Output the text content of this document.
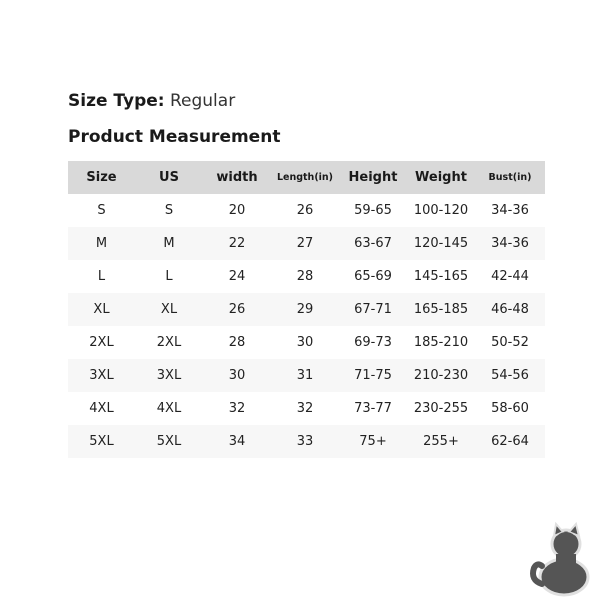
Size Type: Regular
Product Measurement
Size	US	width	Length(in)	Height	Weight	Bust(in)
S	S	20	26	59-65	100-120	34-36
M	M	22	27	63-67	120-145	34-36
L	L	24	28	65-69	145-165	42-44
XL	XL	26	29	67-71	165-185	46-48
2XL	2XL	28	30	69-73	185-210	50-52
3XL	3XL	30	31	71-75	210-230	54-56
4XL	4XL	32	32	73-77	230-255	58-60
5XL	5XL	34	33	75+	255+	62-64
